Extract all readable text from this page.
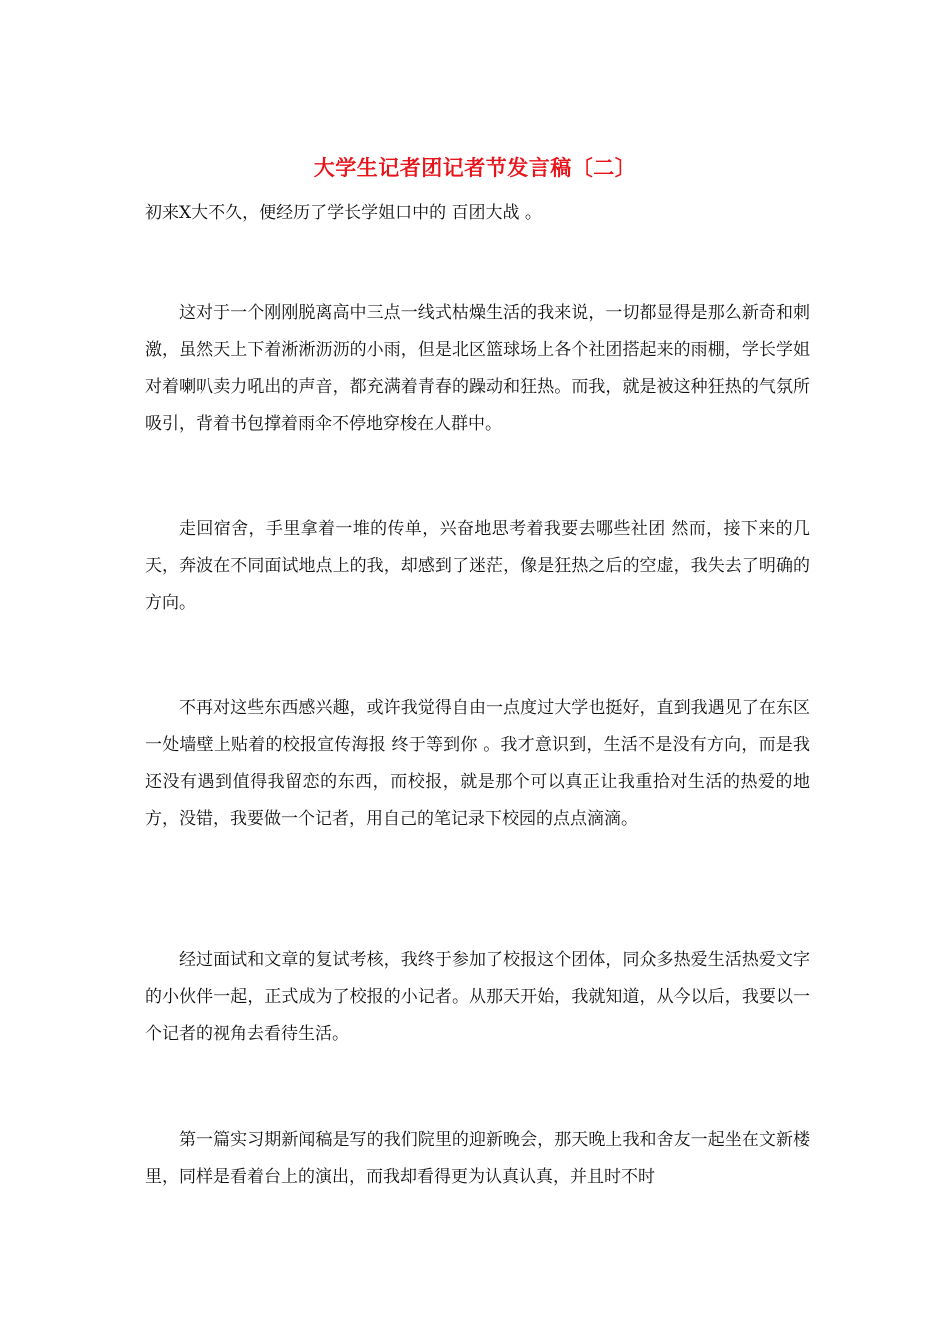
大学生记者团记者节发言稿〔二〕
初来X大不久，便经历了学长学姐口中的 百团大战 。

这对于一个刚刚脱离高中三点一线式枯燥生活的我来说，一切都显得是那么新奇和刺激，虽然天上下着淅淅沥沥的小雨，但是北区篮球场上各个社团搭起来的雨棚，学长学姐对着喇叭卖力吼出的声音，都充满着青春的躁动和狂热。而我，就是被这种狂热的气氛所吸引，背着书包撑着雨伞不停地穿梭在人群中。

走回宿舍，手里拿着一堆的传单，兴奋地思考着我要去哪些社团 然而，接下来的几天，奔波在不同面试地点上的我，却感到了迷茫，像是狂热之后的空虚，我失去了明确的方向。

不再对这些东西感兴趣，或许我觉得自由一点度过大学也挺好，直到我遇见了在东区一处墙壁上贴着的校报宣传海报 终于等到你 。我才意识到，生活不是没有方向，而是我还没有遇到值得我留恋的东西，而校报，就是那个可以真正让我重拾对生活的热爱的地方，没错，我要做一个记者，用自己的笔记录下校园的点点滴滴。

经过面试和文章的复试考核，我终于参加了校报这个团体，同众多热爱生活热爱文字的小伙伴一起，正式成为了校报的小记者。从那天开始，我就知道，从今以后，我要以一个记者的视角去看待生活。

第一篇实习期新闻稿是写的我们院里的迎新晚会，那天晚上我和舍友一起坐在文新楼里，同样是看着台上的演出，而我却看得更为认真认真，并且时不时
